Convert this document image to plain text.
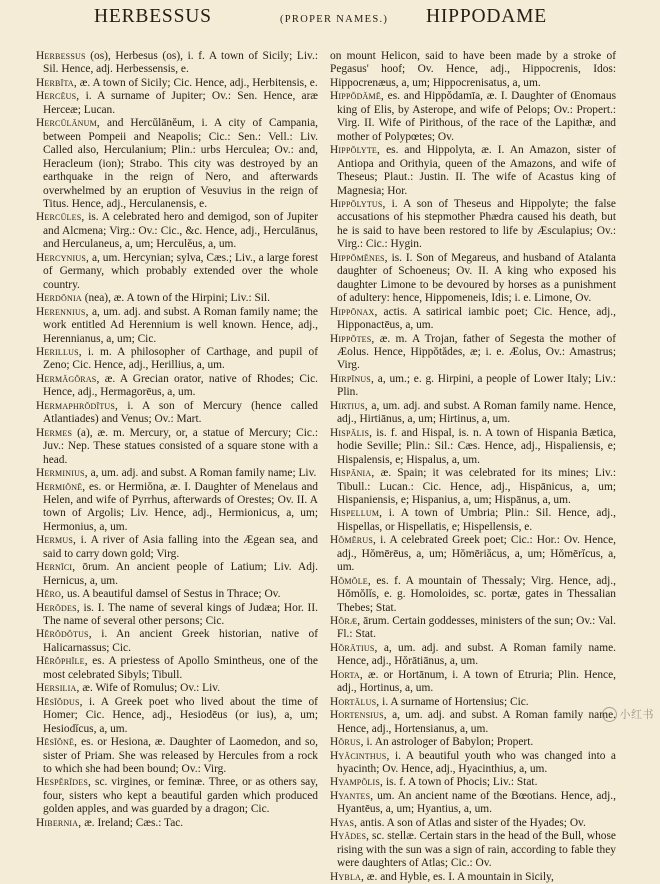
HERBESSUS	(PROPER NAMES.) HIPPODAME

Herbessus (os), Herbesus (os), i. f. A town of Sicily; Liv.: Sil. Hence, adj. Herbessensis, e.

Herbīta, æ. A town of Sicily; Cic. Hence, adj., Herbitensis, e.

Hercēus, i. A surname of Jupiter; Ov.: Sen. Hence, aræ Herceæ; Lucan.

Hercŭlānum, and Hercŭlānĕum, i. A city of Campania, between Pompeii and Neapolis; Cic.: Sen.: Vell.: Liv. Called also, Herculanium; Plin.: urbs Herculea; Ov.: and, Heracleum (ion); Strabo. This city was destroyed by an earthquake in the reign of Nero, and afterwards overwhelmed by an eruption of Vesuvius in the reign of Titus. Hence, adj., Herculanensis, e.

Hercŭles, is. A celebrated hero and demigod, son of Jupiter and Alcmena; Virg.: Ov.: Cic., &c. Hence, adj., Herculānus, and Herculaneus, a, um; Herculĕus, a, um.

Hercynius, a, um. Hercynian; sylva, Cæs.; Liv., a large forest of Germany, which probably extended over the whole country.

Herdōnia (nea), æ. A town of the Hirpini; Liv.: Sil.

Herennius, a, um. adj. and subst. A Roman family name; the work entitled Ad Herennium is well known. Hence, adj., Herennianus, a, um; Cic.

Herillus, i. m. A philosopher of Carthage, and pupil of Zeno; Cic. Hence, adj., Herillius, a, um.

Hermăgŏras, æ. A Grecian orator, native of Rhodes; Cic. Hence, adj., Hermagorēus, a, um.

Hermaphrŏdītus, i. A son of Mercury (hence called Atlantiades) and Venus; Ov.: Mart.

Hermes (a), æ. m. Mercury, or, a statue of Mercury; Cic.: Juv.: Nep. These statues consisted of a square stone with a head.

Herminius, a, um. adj. and subst. A Roman family name; Liv.

Hermiŏnē, es. or Hermiŏna, æ. I. Daughter of Menelaus and Helen, and wife of Pyrrhus, afterwards of Orestes; Ov. II. A town of Argolis; Liv. Hence, adj., Hermionicus, a, um; Hermonius, a, um.

Hermus, i. A river of Asia falling into the Ægean sea, and said to carry down gold; Virg.

Hernĭci, ōrum. An ancient people of Latium; Liv. Adj. Hernicus, a, um.

Hĕro, us. A beautiful damsel of Sestus in Thrace; Ov.

Herōdes, is. I. The name of several kings of Judæa; Hor. II. The name of several other persons; Cic.

Hĕrŏdŏtus, i. An ancient Greek historian, native of Halicarnassus; Cic.

Hĕrŏphĭle, es. A priestess of Apollo Smintheus, one of the most celebrated Sibyls; Tibull.

Hersilia, æ. Wife of Romulus; Ov.: Liv.

Hēsĭŏdus, i. A Greek poet who lived about the time of Homer; Cic. Hence, adj., Hesiodēus (or ius), a, um; Hesiodĭcus, a, um.

Hēsĭŏnē, es. or Hesiona, æ. Daughter of Laomedon, and so, sister of Priam. She was released by Hercules from a rock to which she had been bound; Ov.: Virg.

Hespĕrĭdes, sc. virgines, or feminæ. Three, or as others say, four, sisters who kept a beautiful garden which produced golden apples, and was guarded by a dragon; Cic.

Hibernia, æ. Ireland; Cæs.: Tac.

on mount Helicon, said to have been made by a stroke of Pegasus' hoof; Ov. Hence, adj., Hippocrenis, Idos: Hippocrenæus, a, um; Hippocrenisatus, a, um.

Hippŏdămē, es. and Hippŏdamīa, æ. I. Daughter of Œnomaus king of Elis, by Asterope, and wife of Pelops; Ov.: Propert.: Virg. II. Wife of Pirithous, of the race of the Lapithæ, and mother of Polypœtes; Ov.

Hippŏlyte, es. and Hippolyta, æ. I. An Amazon, sister of Antiopa and Orithyia, queen of the Amazons, and wife of Theseus; Plaut.: Justin. II. The wife of Acastus king of Magnesia; Hor.

Hippŏlytus, i. A son of Theseus and Hippolyte; the false accusations of his stepmother Phædra caused his death, but he is said to have been restored to life by Æsculapius; Ov.: Virg.: Cic.: Hygin.

Hippŏmĕnes, is. I. Son of Megareus, and husband of Atalanta daughter of Schoeneus; Ov. II. A king who exposed his daughter Limone to be devoured by horses as a punishment of adultery: hence, Hippomeneis, Idis; i. e. Limone, Ov.

Hippōnax, actis. A satirical iambic poet; Cic. Hence, adj., Hipponactēus, a, um.

Hippŏtes, æ. m. A Trojan, father of Segesta the mother of Æolus. Hence, Hippŏtădes, æ; i. e. Æolus, Ov.: Amastrus; Virg.

Hirpīnus, a, um.; e. g. Hirpini, a people of Lower Italy; Liv.: Plin.

Hirtius, a, um. adj. and subst. A Roman family name. Hence, adj., Hirtiānus, a, um; Hirtinus, a, um.

Hispălis, is. f. and Hispal, is. n. A town of Hispania Bætica, hodie Seville; Plin.: Sil.: Cæs. Hence, adj., Hispaliensis, e; Hispalensis, e; Hispalus, a, um.

Hispānia, æ. Spain; it was celebrated for its mines; Liv.: Tibull.: Lucan.: Cic. Hence, adj., Hispānicus, a, um; Hispaniensis, e; Hispanius, a, um; Hispānus, a, um.

Hispellum, i. A town of Umbria; Plin.: Sil. Hence, adj., Hispellas, or Hispellatis, e; Hispellensis, e.

Hŏmērus, i. A celebrated Greek poet; Cic.: Hor.: Ov. Hence, adj., Hŏmērēus, a, um; Hŏmēriăcus, a, um; Hŏmērĭcus, a, um.

Hŏmŏle, es. f. A mountain of Thessaly; Virg. Hence, adj., Hŏmŏlĭs, e. g. Homoloides, sc. portæ, gates in Thessalian Thebes; Stat.

Hŏræ, ārum. Certain goddesses, ministers of the sun; Ov.: Val. Fl.: Stat.

Hŏrātius, a, um. adj. and subst. A Roman family name. Hence, adj., Hŏrātiānus, a, um.

Horta, æ. or Hortānum, i. A town of Etruria; Plin. Hence, adj., Hortinus, a, um.

Hortălus, i. A surname of Hortensius; Cic.

Hortensius, a, um. adj. and subst. A Roman family name. Hence, adj., Hortensianus, a, um.

Hŏrus, i. An astrologer of Babylon; Propert.

Hyăcinthus, i. A beautiful youth who was changed into a hyacinth; Ov. Hence, adj., Hyacinthius, a, um.

Hyampŏlis, is. f. A town of Phocis; Liv.: Stat.

Hyantes, um. An ancient name of the Bœotians. Hence, adj., Hyantēus, a, um; Hyantius, a, um.

Hyas, antis. A son of Atlas and sister of the Hyades; Ov.

Hyădes, sc. stellæ. Certain stars in the head of the Bull, whose rising with the sun was a sign of rain, according to fable they were daughters of Atlas; Cic.: Ov.

Hybla, æ. and Hyble, es. I. A mountain in Sicily,

小红书
